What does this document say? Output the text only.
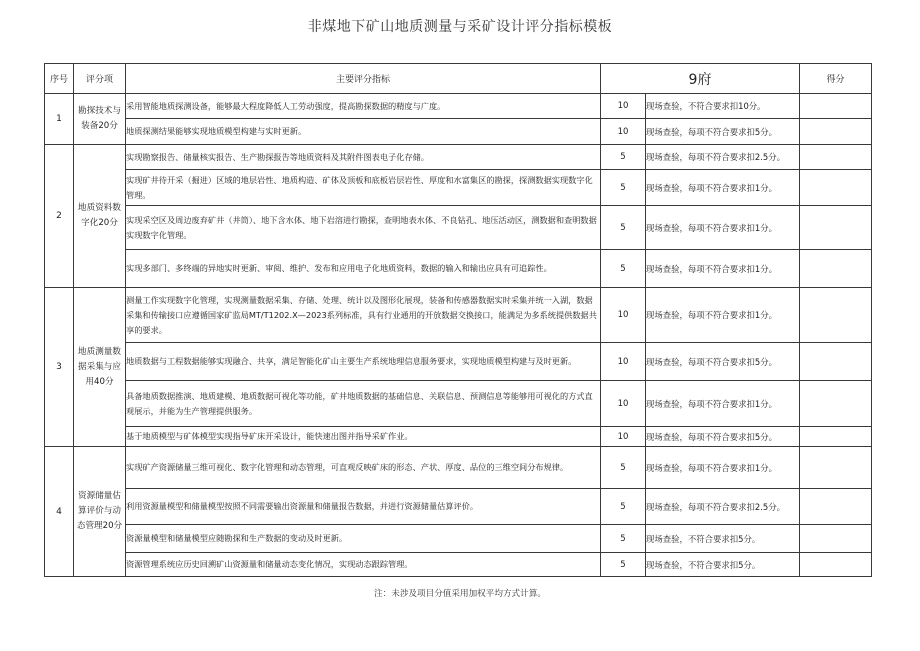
非煤地下矿山地质测量与采矿设计评分指标模板
序号	评分项	主要评分指标	9府		得分
1	勘探技术与装备20分	采用智能地质探测设备，能够最大程度降低人工劳动强度，提高勘探数据的精度与广度。	10	现场查验，不符合要求扣10分。	
		地质探测结果能够实现地质模型构建与实时更新。	10	现场查验，每项不符合要求扣5分。	
2	地质资料数字化20分	实现勘察报告、储量核实报告、生产勘探报告等地质资料及其附件图表电子化存储。	5	现场查验，每项不符合要求扣2.5分。	
		实现矿井待开采（掘进）区域的地层岩性、地质构造、矿体及顶板和底板岩层岩性、厚度和水富集区的勘探，探测数据实现数字化管理。	5	现场查验，每项不符合要求扣1分。	
		实现采空区及周边废弃矿井（井筒）、地下含水体、地下岩溶进行勘探，查明地表水体、不良钻孔、地压活动区，测数据和查明数据实现数字化管理。	5	现场查验，每项不符合要求扣1分。	
		实现多部门、多终端的异地实时更新、审阅、维护、发布和应用电子化地质资料，数据的输入和输出应具有可追踪性。	5	现场查验，每项不符合要求扣1分。	
3	地质测量数据采集与应用40分	测量工作实现数字化管理，实现测量数据采集、存储、处理、统计以及图形化展现，装备和传感器数据实时采集并统一入湖，数据采集和传输接口应遵循国家矿监局MT/T1202.X—2023系列标准，具有行业通用的开放数据交换接口，能满足为多系统提供数据共享的要求。	10	现场查验，每项不符合要求扣1分。	
		地质数据与工程数据能够实现融合、共享，满足智能化矿山主要生产系统地理信息服务要求，实现地质模型构建与及时更新。	10	现场查验，每项不符合要求扣5分。	
		具备地质数据推演、地质建模、地质数据可视化等功能，矿井地质数据的基础信息、关联信息、预测信息等能够用可视化的方式直观展示，并能为生产管理提供服务。	10	现场查验，每项不符合要求扣1分。	
		基于地质模型与矿体模型实现指导矿床开采设计，能快速出图并指导采矿作业。	10	现场查验，每项不符合要求扣5分。	
4	资源储量估算评价与动态管理20分	实现矿产资源储量三维可视化、数字化管理和动态管理，可直观反映矿床的形态、产状、厚度、品位的三维空间分布规律。	5	现场查验，每项不符合要求扣1分。	
		利用资源量模型和储量模型按照不同需要输出资源量和储量报告数据，并进行资源储量估算评价。	5	现场查验，每项不符合要求扣2.5分。	
		资源量模型和储量模型应随勘探和生产数据的变动及时更新。	5	现场查验，不符合要求扣5分。	
		资源管理系统应历史回溯矿山资源量和储量动态变化情况，实现动态跟踪管理。	5	现场查验，不符合要求扣5分。	
注：未涉及项目分值采用加权平均方式计算。
